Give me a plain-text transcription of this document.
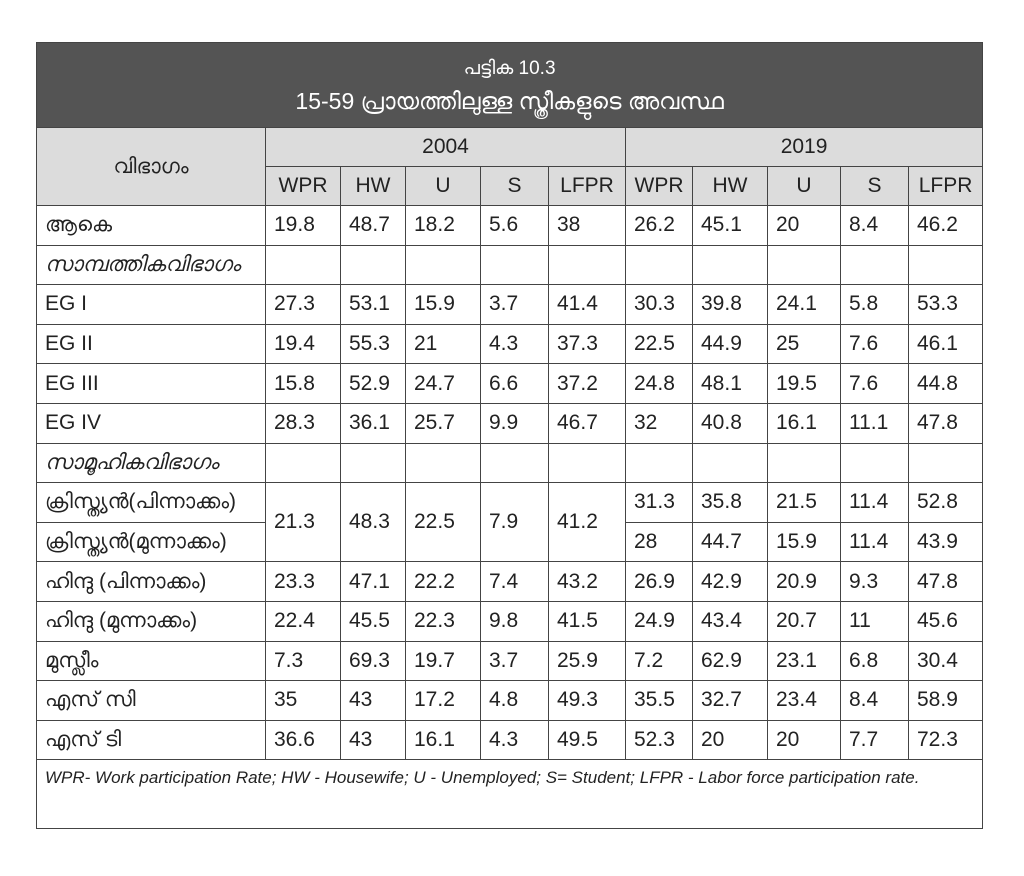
പട്ടിക 10.3
15-59 പ്രായത്തിലുള്ള സ്ത്രീകളുടെ അവസ്ഥ										

വിഭാഗം	2004					2019				
	WPR	HW	U	S	LFPR	WPR	HW	U	S	LFPR
ആകെ	19.8	48.7	18.2	5.6	38	26.2	45.1	20	8.4	46.2
സാമ്പത്തികവിഭാഗം										
EG I	27.3	53.1	15.9	3.7	41.4	30.3	39.8	24.1	5.8	53.3
EG II	19.4	55.3	21	4.3	37.3	22.5	44.9	25	7.6	46.1
EG III	15.8	52.9	24.7	6.6	37.2	24.8	48.1	19.5	7.6	44.8
EG IV	28.3	36.1	25.7	9.9	46.7	32	40.8	16.1	11.1	47.8
സാമൂഹികവിഭാഗം										
ക്രിസ്ത്യൻ(പിന്നാക്കം)	21.3	48.3	22.5	7.9	41.2	31.3	35.8	21.5	11.4	52.8
ക്രിസ്ത്യൻ(മുന്നാക്കം)						28	44.7	15.9	11.4	43.9
ഹിന്ദു (പിന്നാക്കം)	23.3	47.1	22.2	7.4	43.2	26.9	42.9	20.9	9.3	47.8
ഹിന്ദു (മുന്നാക്കം)	22.4	45.5	22.3	9.8	41.5	24.9	43.4	20.7	11	45.6
മുസ്ലീം	7.3	69.3	19.7	3.7	25.9	7.2	62.9	23.1	6.8	30.4
എസ് സി	35	43	17.2	4.8	49.3	35.5	32.7	23.4	8.4	58.9
എസ് ടി	36.6	43	16.1	4.3	49.5	52.3	20	20	7.7	72.3
WPR- Work participation Rate; HW - Housewife; U - Unemployed; S= Student; LFPR - Labor force participation rate.										
